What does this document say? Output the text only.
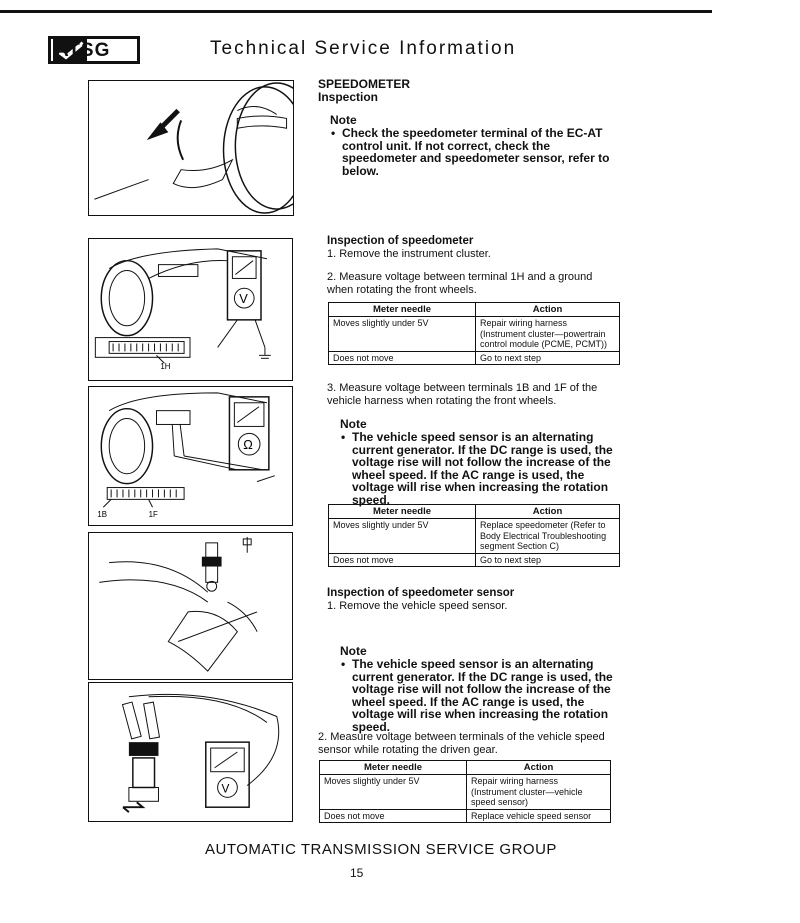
ATSG	Technical Service Information
V
1H
Ω
1B	1F
V
SPEEDOMETER
Inspection
Note
• Check the speedometer terminal of the EC-AT control unit. If not correct, check the speedometer and speedometer sensor, refer to below.
Inspection of speedometer
1. Remove the instrument cluster.
2. Measure voltage between terminal 1H and a ground when rotating the front wheels.
Meter needle	Action
Moves slightly under 5V	Repair wiring harness (Instrument cluster—powertrain control module (PCME, PCMT))
Does not move	Go to next step
3. Measure voltage between terminals 1B and 1F of the vehicle harness when rotating the front wheels.
Note
• The vehicle speed sensor is an alternating current generator. If the DC range is used, the voltage rise will not follow the increase of the wheel speed. If the AC range is used, the voltage will rise when increasing the rotation speed.
Meter needle	Action
Moves slightly under 5V	Replace speedometer (Refer to Body Electrical Troubleshooting segment Section C)
Does not move	Go to next step
Inspection of speedometer sensor
1. Remove the vehicle speed sensor.
Note
• The vehicle speed sensor is an alternating current generator. If the DC range is used, the voltage rise will not follow the increase of the wheel speed. If the AC range is used, the voltage will rise when increasing the rotation speed.
2. Measure voltage between terminals of the vehicle speed sensor while rotating the driven gear.
Meter needle	Action
Moves slightly under 5V	Repair wiring harness (Instrument cluster—vehicle speed sensor)
Does not move	Replace vehicle speed sensor
AUTOMATIC TRANSMISSION SERVICE GROUP
15
